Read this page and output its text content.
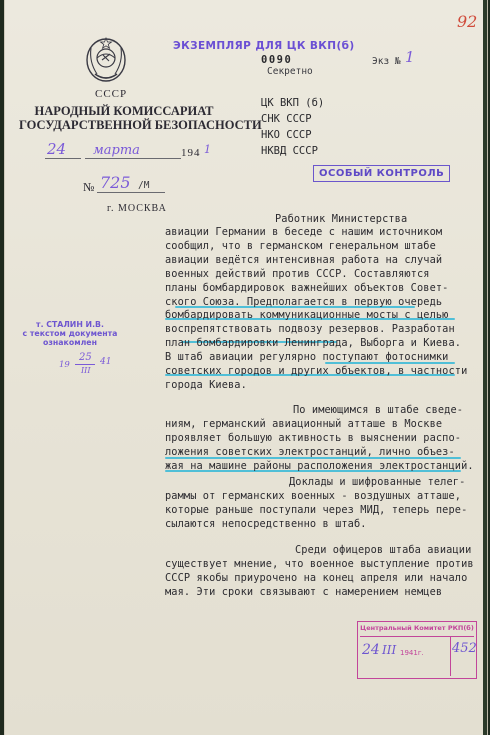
ЭКЗЕМПЛЯР ДЛЯ ЦК ВКП(б)
92
0090
Секретно
Экз № 1
СССР
НАРОДНЫЙ КОМИССАРИАТ
ГОСУДАРСТВЕННОЙ БЕЗОПАСНОСТИ
24 марта	194 1
№ 725 /М
г. МОСКВА
ЦК ВКП (б)
СНК СССР
НКО СССР
НКВД СССР
ОСОБЫЙ КОНТРОЛЬ
т. СТАЛИН И.В.
с текстом документа
ознакомлен
19
25
III
41
Работник Министерства
авиации Германии в беседе с нашим источником
сообщил, что в германском генеральном штабе
авиации ведётся интенсивная работа на случай
военных действий против СССР. Составляются
планы бомбардировок важнейших объектов Совет-
ского Союза. Предполагается в первую очередь
бомбардировать коммуникационные мосты с целью
воспрепятствовать подвозу резервов. Разработан
план бомбардировки Ленинграда, Выборга и Киева.
В штаб авиации регулярно поступают фотоснимки
советских городов и других объектов, в частности
города Киева.
По имеющимся в штабе сведе-
ниям, германский авиационный атташе в Москве
проявляет большую активность в выяснении распо-
ложения советских электростанций, лично объез-
жая на машине районы расположения электростанций.
Доклады и шифрованные телег-
раммы от германских военных - воздушных атташе,
которые раньше поступали через МИД, теперь пере-
сылаются непосредственно в штаб.
Среди офицеров штаба авиации
существует мнение, что военное выступление против
СССР якобы приурочено на конец апреля или начало
мая. Эти сроки связывают с намерением немцев
Центральный Комитет РКП(б)
24 III 1941г. 452
